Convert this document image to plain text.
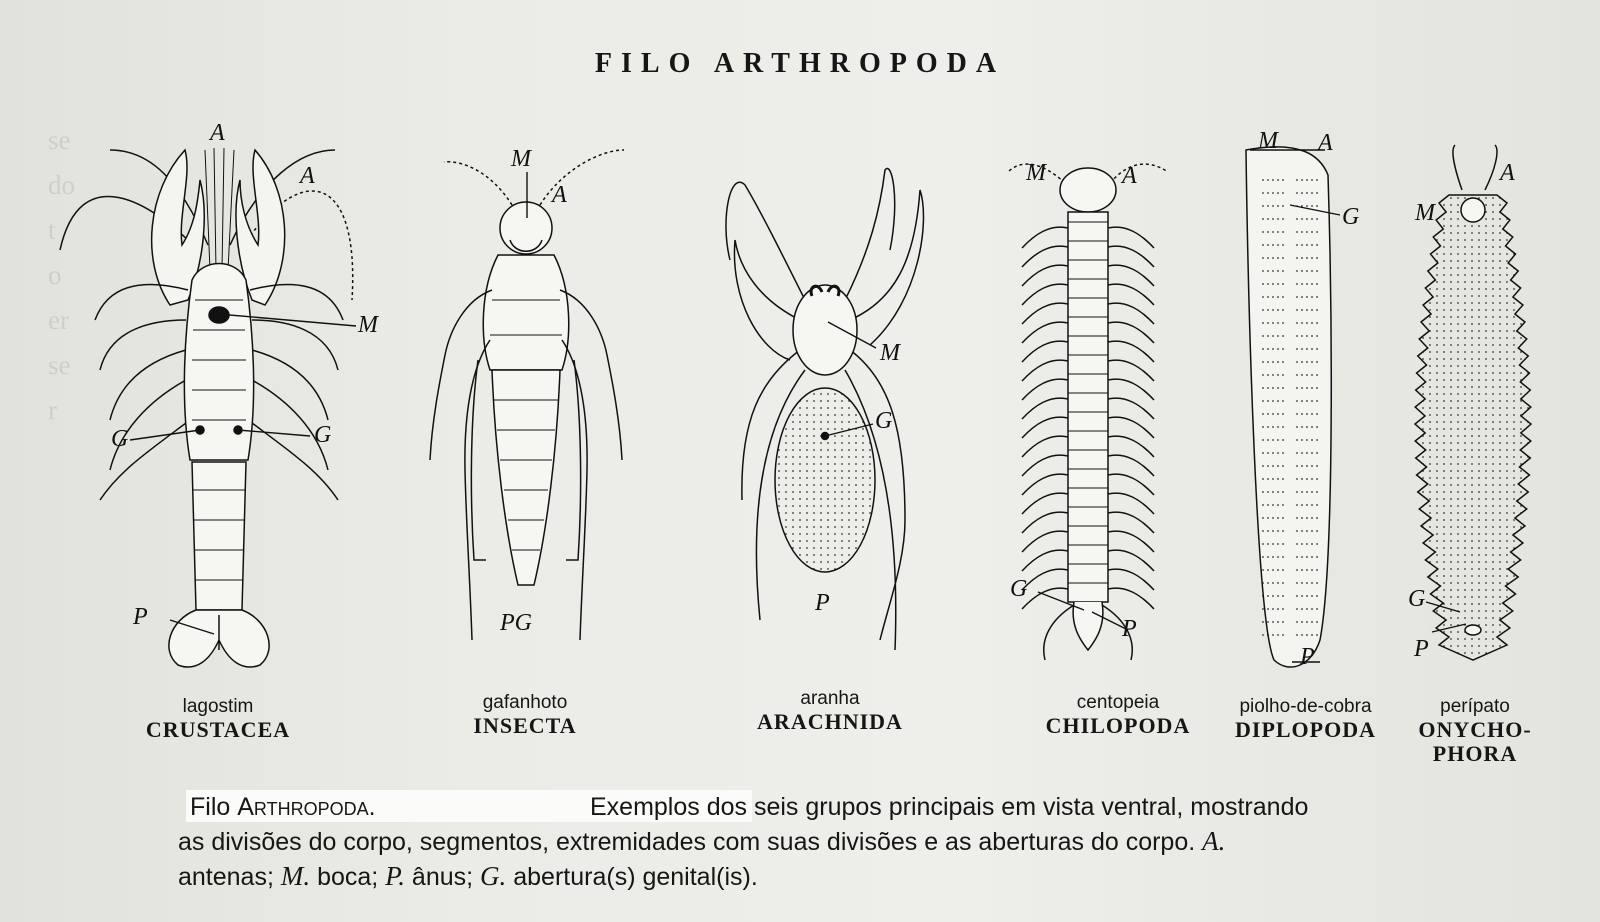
FILO ARTHROPODA
se
do
t
o
er
se
r

A
A
M
G	G
P
M
A
PG
M
G
P
M	A
G
P
M A
G
P
M
A
G
P
lagostim
CRUSTACEA
gafanhoto
INSECTA
aranha
ARACHNIDA
centopeia
CHILOPODA
piolho-de-cobra
DIPLOPODA
perípato
ONYCHO-
PHORA
Filo Arthropoda.	Exemplos dos seis grupos principais em vista ventral, mostrando
as divisões do corpo, segmentos, extremidades com suas divisões e as aberturas do corpo. A.
antenas; M. boca; P. ânus; G. abertura(s) genital(is).
